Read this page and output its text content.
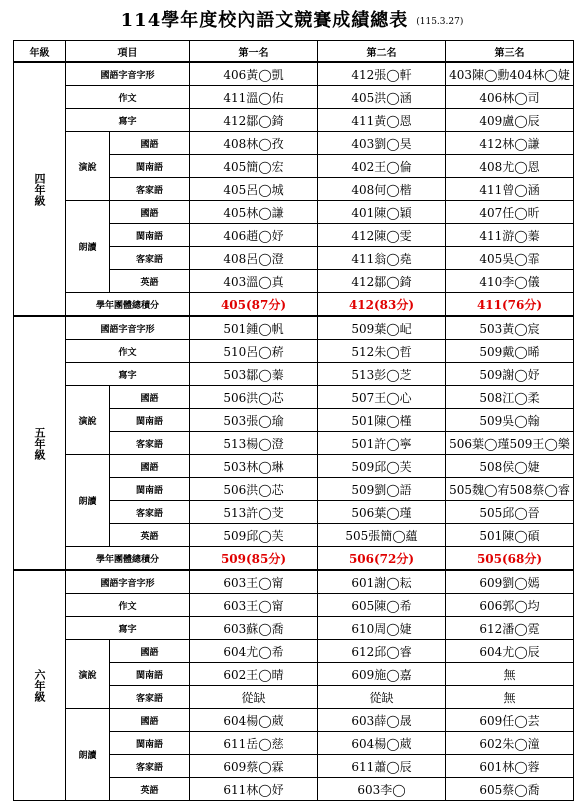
114學年度校內語文競賽成績總表 (115.3.27)
年級	項目		第一名	第二名	第三名
四年級	國語字音字形		406黃◯凱	412張◯軒	403陳◯勳404林◯婕
	作文		411溫◯佑	405洪◯涵	406林◯司
	寫字		412鄒◯錡	411黃◯恩	409盧◯辰
	演說	國語	408林◯孜	403劉◯昊	412林◯謙
		閩南語	405簡◯宏	402王◯倫	408尤◯恩
		客家語	405呂◯城	408何◯楷	411曾◯涵
	朗讀	國語	405林◯謙	401陳◯穎	407任◯昕
		閩南語	406趙◯妤	412陳◯雯	411游◯蓁
		客家語	408呂◯澄	411翁◯堯	405吳◯霏
		英語	403溫◯真	412鄒◯錡	410李◯儀
	學年團體總積分		405(87分)	412(83分)	411(76分)
五年級	國語字音字形		501鍾◯帆	509葉◯屺	503黃◯宸
	作文		510呂◯菥	512朱◯哲	509戴◯晞
	寫字		503鄒◯蓁	513彭◯芝	509謝◯妤
	演說	國語	506洪◯芯	507王◯心	508江◯柔
		閩南語	503張◯瑜	501陳◯槿	509吳◯翰
		客家語	513楊◯澄	501許◯寧	506葉◯瑾509王◯樂
	朗讀	國語	503林◯琳	509邱◯芙	508侯◯婕
		閩南語	506洪◯芯	509劉◯語	505魏◯宥508蔡◯睿
		客家語	513許◯芠	506葉◯瑾	505邱◯晉
		英語	509邱◯芙	505張簡◯蘊	501陳◯碩
	學年團體總積分		509(85分)	506(72分)	505(68分)
六年級	國語字音字形		603王◯甯	601謝◯耘	609劉◯嫣
	作文		603王◯甯	605陳◯希	606郭◯均
	寫字		603蘇◯喬	610周◯婕	612潘◯霓
	演說	國語	604尤◯希	612邱◯睿	604尤◯辰
		閩南語	602王◯晴	609施◯嘉	無
		客家語	從缺	從缺	無
	朗讀	國語	604楊◯葳	603薛◯晟	609任◯芸
		閩南語	611岳◯慈	604楊◯葳	602朱◯潼
		客家語	609蔡◯霖	611蕭◯辰	601林◯蓉
		英語	611林◯妤	603李◯	605蔡◯喬
